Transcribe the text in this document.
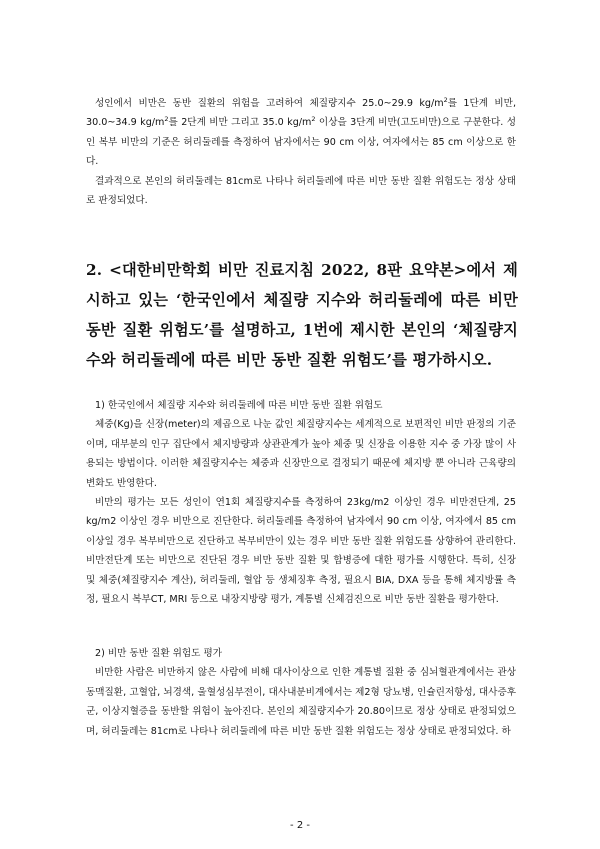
성인에서 비만은 동반 질환의 위험을 고려하여 체질량지수 25.0~29.9 $kg/m^2$를 1단계 비만, 30.0~34.9 $kg/m^2$를 2단계 비만 그리고 35.0 $kg/m^2$ 이상을 3단계 비만(고도비만)으로 구분한다. 성인 복부 비만의 기준은 허리둘레를 측정하여 남자에서는 90 cm 이상, 여자에서는 85 cm 이상으로 한다.

결과적으로 본인의 허리둘레는 81cm로 나타나 허리둘레에 따른 비만 동반 질환 위험도는 정상 상태로 판정되었다.

2. <대한비만학회 비만 진료지침 2022, 8판 요약본>에서 제시하고 있는 ‘한국인에서 체질량 지수와 허리둘레에 따른 비만 동반 질환 위험도’를 설명하고, 1번에 제시한 본인의 ‘체질량지수와 허리둘레에 따른 비만 동반 질환 위험도’를 평가하시오.

1) 한국인에서 체질량 지수와 허리둘레에 따른 비만 동반 질환 위험도

체중(Kg)을 신장(meter)의 제곱으로 나눈 값인 체질량지수는 세계적으로 보편적인 비만 판정의 기준이며, 대부분의 인구 집단에서 체지방량과 상관관계가 높아 체중 및 신장을 이용한 지수 중 가장 많이 사용되는 방법이다. 이러한 체질량지수는 체중과 신장만으로 결정되기 때문에 체지방 뿐 아니라 근육량의 변화도 반영한다.

비만의 평가는 모든 성인이 연1회 체질량지수를 측정하여 23kg/m2 이상인 경우 비만전단계, 25 kg/m2 이상인 경우 비만으로 진단한다. 허리둘레를 측정하여 남자에서 90 cm 이상, 여자에서 85 cm 이상일 경우 복부비만으로 진단하고 복부비만이 있는 경우 비만 동반 질환 위험도를 상향하여 관리한다. 비만전단계 또는 비만으로 진단된 경우 비만 동반 질환 및 합병증에 대한 평가를 시행한다. 특히, 신장 및 체중(체질량지수 계산), 허리둘레, 혈압 등 생체징후 측정, 필요시 BIA, DXA 등을 통해 체지방률 측정, 필요시 복부CT, MRI 등으로 내장지방량 평가, 계통별 신체검진으로 비만 동반 질환을 평가한다.

2) 비만 동반 질환 위험도 평가

비만한 사람은 비만하지 않은 사람에 비해 대사이상으로 인한 계통별 질환 중 심뇌혈관계에서는 관상동맥질환, 고혈압, 뇌경색, 울혈성심부전이, 대사내분비계에서는 제2형 당뇨병, 인슐린저항성, 대사증후군, 이상지혈증을 동반할 위험이 높아진다. 본인의 체질량지수가 20.80이므로 정상 상태로 판정되었으며, 허리둘레는 81cm로 나타나 허리둘레에 따른 비만 동반 질환 위험도는 정상 상태로 판정되었다. 하

- 2 -
